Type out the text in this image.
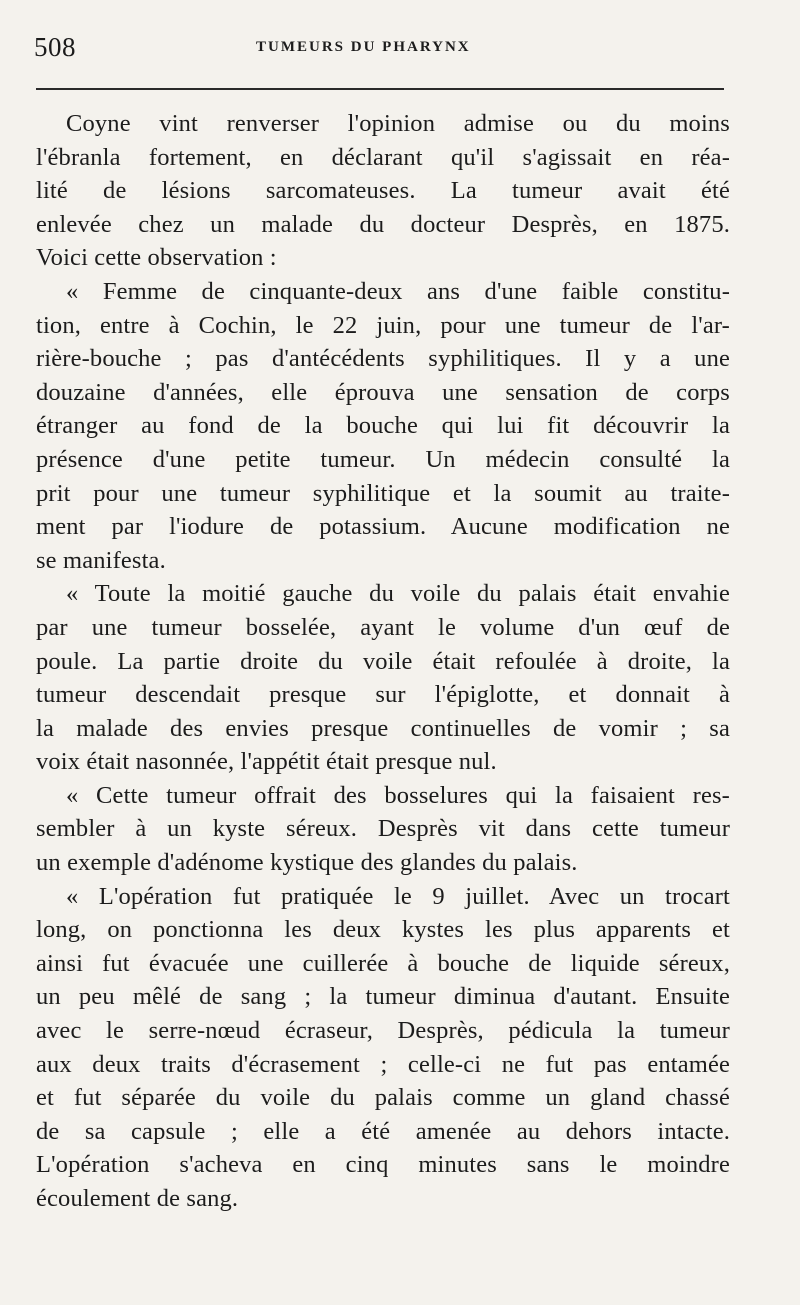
508	TUMEURS DU PHARYNX
Coyne vint renverser l'opinion admise ou du moins
l'ébranla fortement, en déclarant qu'il s'agissait en réa-
lité de lésions sarcomateuses. La tumeur avait été
enlevée chez un malade du docteur Desprès, en 1875.
Voici cette observation :
« Femme de cinquante-deux ans d'une faible constitu-
tion, entre à Cochin, le 22 juin, pour une tumeur de l'ar-
rière-bouche ; pas d'antécédents syphilitiques. Il y a une
douzaine d'années, elle éprouva une sensation de corps
étranger au fond de la bouche qui lui fit découvrir la
présence d'une petite tumeur. Un médecin consulté la
prit pour une tumeur syphilitique et la soumit au traite-
ment par l'iodure de potassium. Aucune modification ne
se manifesta.
« Toute la moitié gauche du voile du palais était envahie
par une tumeur bosselée, ayant le volume d'un œuf de
poule. La partie droite du voile était refoulée à droite, la
tumeur descendait presque sur l'épiglotte, et donnait à
la malade des envies presque continuelles de vomir ; sa
voix était nasonnée, l'appétit était presque nul.
« Cette tumeur offrait des bosselures qui la faisaient res-
sembler à un kyste séreux. Desprès vit dans cette tumeur
un exemple d'adénome kystique des glandes du palais.
« L'opération fut pratiquée le 9 juillet. Avec un trocart
long, on ponctionna les deux kystes les plus apparents et
ainsi fut évacuée une cuillerée à bouche de liquide séreux,
un peu mêlé de sang ; la tumeur diminua d'autant. Ensuite
avec le serre-nœud écraseur, Desprès, pédicula la tumeur
aux deux traits d'écrasement ; celle-ci ne fut pas entamée
et fut séparée du voile du palais comme un gland chassé
de sa capsule ; elle a été amenée au dehors intacte.
L'opération s'acheva en cinq minutes sans le moindre
écoulement de sang.
